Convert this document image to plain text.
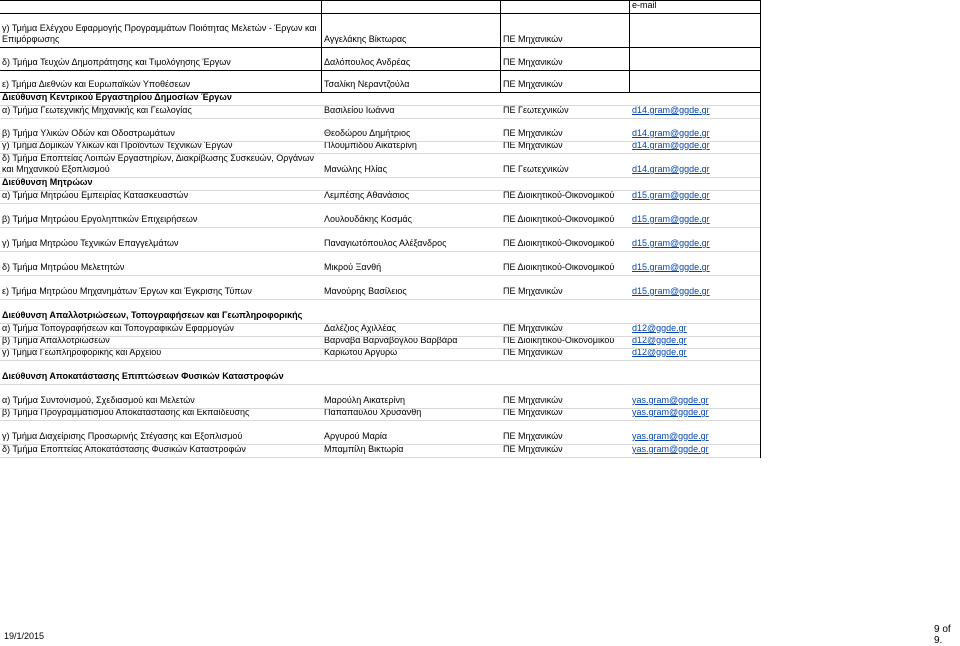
e-mail
γ) Τμήμα Ελέγχου Εφαρμογής Προγραμμάτων Ποιότητας Μελετών - Έργων και Επιμόρφωσης	Αγγελάκης Βίκτωρας	ΠΕ Μηχανικών
δ) Τμήμα Τευχών Δημοπράτησης και Τιμολόγησης Έργων	Δαλόπουλος Ανδρέας	ΠΕ Μηχανικών
ε) Τμήμα Διεθνών και Ευρωπαϊκών Υποθέσεων	Τσαλίκη Νεραντζούλα	ΠΕ Μηχανικών
Διεύθυνση Κεντρικού Εργαστηρίου Δημοσίων Έργων
α) Τμήμα Γεωτεχνικής Μηχανικής και Γεωλογίας	Βασιλείου Ιωάννα	ΠΕ Γεωτεχνικών	d14.gram@ggde.gr
β) Τμήμα Υλικών Οδών και Οδοστρωμάτων	Θεοδώρου Δημήτριος	ΠΕ Μηχανικών	d14.gram@ggde.gr
γ) Τμήμα Δομικών Υλικών και Προϊόντων Τεχνικών Έργων	Πλουμπίδου Αικατερίνη	ΠΕ Μηχανικών	d14.gram@ggde.gr
δ) Τμήμα Εποπτείας Λοιπών Εργαστηρίων, Διακρίβωσης Συσκευών, Οργάνων και Μηχανικού Εξοπλισμού	Μανώλης Ηλίας	ΠΕ Γεωτεχνικών	d14.gram@ggde.gr
Διεύθυνση Μητρώων
α) Τμήμα Μητρώου Εμπειρίας Κατασκευαστών	Λεμπέσης Αθανάσιος	ΠΕ Διοικητικού-Οικονομικού	d15.gram@ggde.gr
β) Τμήμα Μητρώου Εργοληπτικών Επιχειρήσεων	Λουλουδάκης Κοσμάς	ΠΕ Διοικητικού-Οικονομικού	d15.gram@ggde.gr
γ) Τμήμα Μητρώου Τεχνικών Επαγγελμάτων	Παναγιωτόπουλος Αλέξανδρος	ΠΕ Διοικητικού-Οικονομικού	d15.gram@ggde.gr
δ) Τμήμα Μητρώου Μελετητών	Μικρού Ξανθή	ΠΕ Διοικητικού-Οικονομικού	d15.gram@ggde.gr
ε) Τμήμα Μητρώου Μηχανημάτων Έργων και Έγκρισης Τύπων	Μανούρης Βασίλειος	ΠΕ Μηχανικών	d15.gram@ggde.gr
Διεύθυνση Απαλλοτριώσεων, Τοπογραφήσεων και Γεωπληροφορικής
α) Τμήμα Τοπογραφήσεων και Τοπογραφικών Εφαρμογών	Δαλέζιος Αχιλλέας	ΠΕ Μηχανικών	d12@ggde.gr
β) Τμήμα Απαλλοτριώσεων	Βαρνάβα Βαρνάβογλου Βαρβάρα	ΠΕ Διοικητικού-Οικονομικού	d12@ggde.gr
γ) Τμήμα Γεωπληροφορικής και Αρχείου	Καριώτου Αργυρώ	ΠΕ Μηχανικών	d12@ggde.gr
Διεύθυνση Αποκατάστασης Επιπτώσεων Φυσικών Καταστροφών
α) Τμήμα Συντονισμού, Σχεδιασμού και Μελετών	Μαρούλη Αικατερίνη	ΠΕ Μηχανικών	yas.gram@ggde.gr
β) Τμήμα Προγραμματισμού Αποκατάστασης και Εκπαίδευσης	Παπαπαύλου Χρυσάνθη	ΠΕ Μηχανικών	yas.gram@ggde.gr
γ) Τμήμα Διαχείρισης Προσωρινής Στέγασης και Εξοπλισμού	Αργυρού Μαρία	ΠΕ Μηχανικών	yas.gram@ggde.gr
δ) Τμήμα Εποπτείας Αποκατάστασης Φυσικών Καταστροφών	Μπαμπίλη Βικτωρία	ΠΕ Μηχανικών	yas.gram@ggde.gr
19/1/2015
9 of 9.
